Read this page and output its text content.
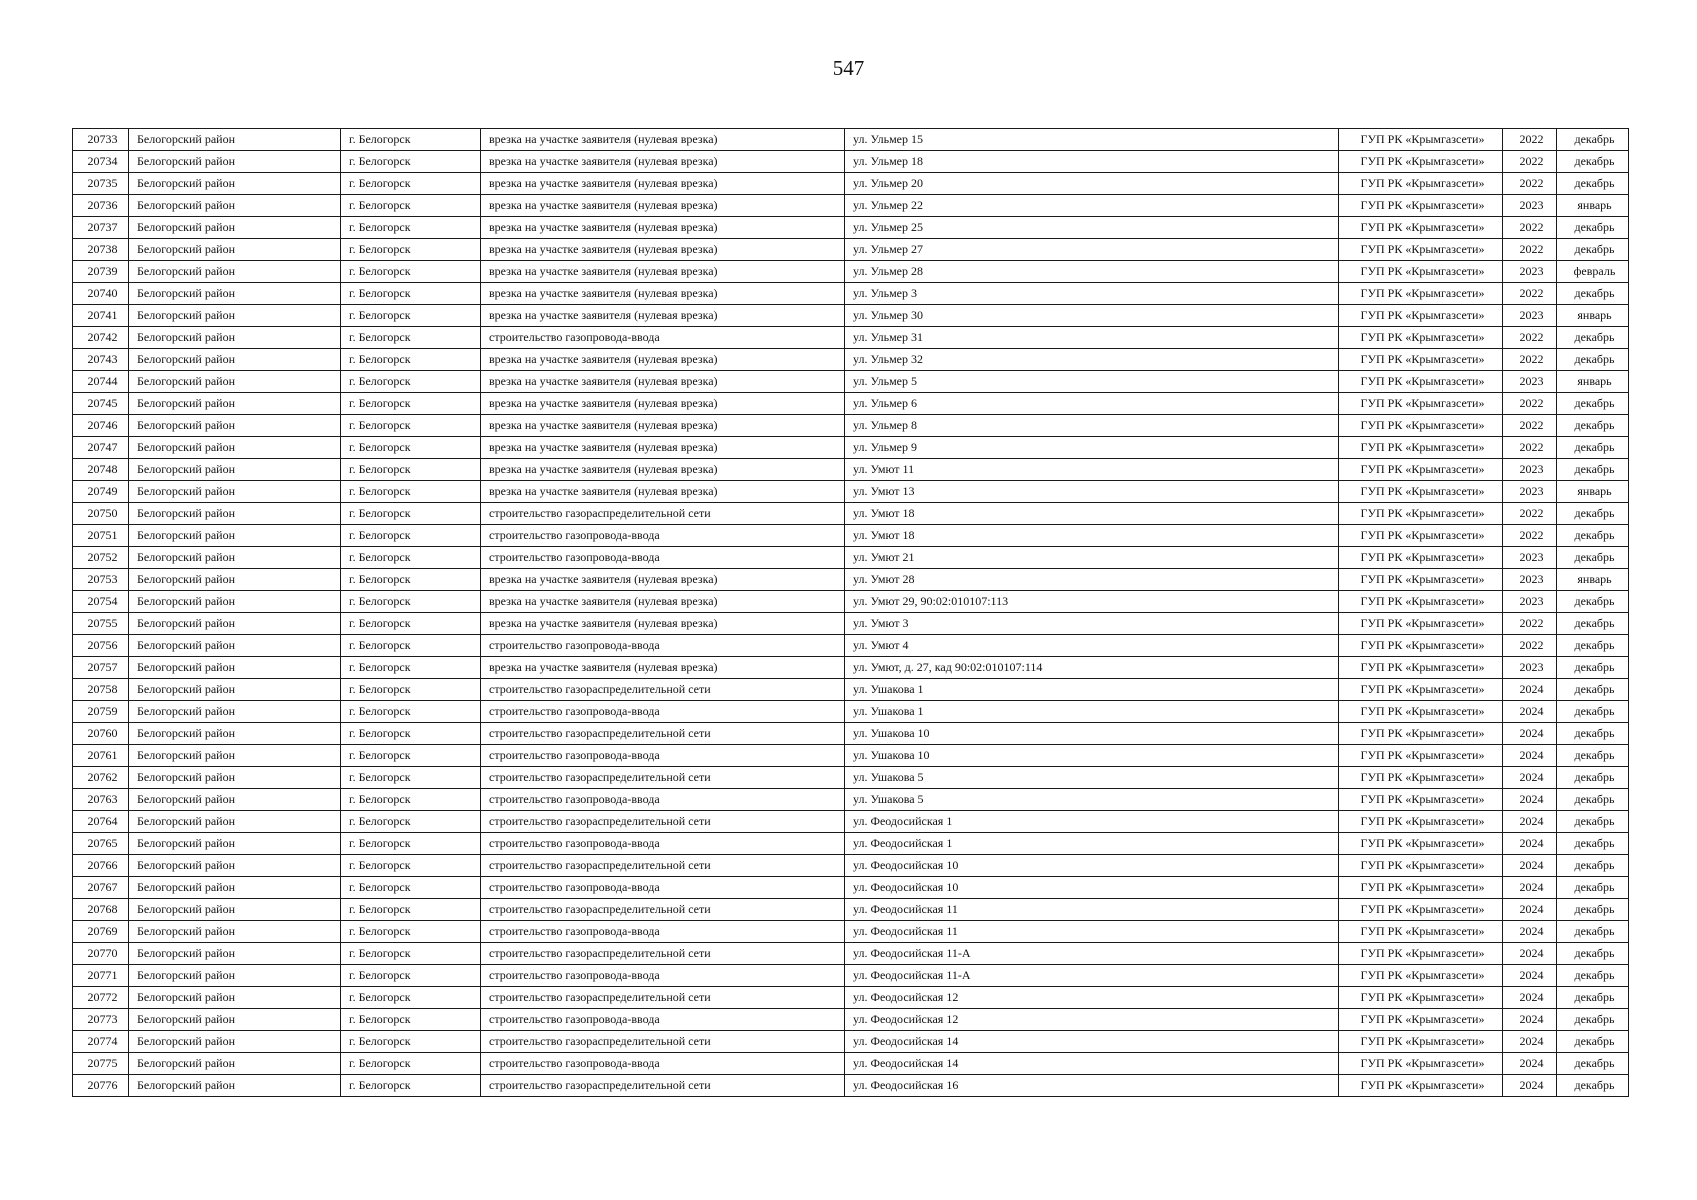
547
20733	Белогорский район	г. Белогорск	врезка на участке заявителя (нулевая врезка)	ул. Ульмер 15	ГУП РК «Крымгазсети»	2022	декабрь
20734	Белогорский район	г. Белогорск	врезка на участке заявителя (нулевая врезка)	ул. Ульмер 18	ГУП РК «Крымгазсети»	2022	декабрь
20735	Белогорский район	г. Белогорск	врезка на участке заявителя (нулевая врезка)	ул. Ульмер 20	ГУП РК «Крымгазсети»	2022	декабрь
20736	Белогорский район	г. Белогорск	врезка на участке заявителя (нулевая врезка)	ул. Ульмер 22	ГУП РК «Крымгазсети»	2023	январь
20737	Белогорский район	г. Белогорск	врезка на участке заявителя (нулевая врезка)	ул. Ульмер 25	ГУП РК «Крымгазсети»	2022	декабрь
20738	Белогорский район	г. Белогорск	врезка на участке заявителя (нулевая врезка)	ул. Ульмер 27	ГУП РК «Крымгазсети»	2022	декабрь
20739	Белогорский район	г. Белогорск	врезка на участке заявителя (нулевая врезка)	ул. Ульмер 28	ГУП РК «Крымгазсети»	2023	февраль
20740	Белогорский район	г. Белогорск	врезка на участке заявителя (нулевая врезка)	ул. Ульмер 3	ГУП РК «Крымгазсети»	2022	декабрь
20741	Белогорский район	г. Белогорск	врезка на участке заявителя (нулевая врезка)	ул. Ульмер 30	ГУП РК «Крымгазсети»	2023	январь
20742	Белогорский район	г. Белогорск	строительство газопровода-ввода	ул. Ульмер 31	ГУП РК «Крымгазсети»	2022	декабрь
20743	Белогорский район	г. Белогорск	врезка на участке заявителя (нулевая врезка)	ул. Ульмер 32	ГУП РК «Крымгазсети»	2022	декабрь
20744	Белогорский район	г. Белогорск	врезка на участке заявителя (нулевая врезка)	ул. Ульмер 5	ГУП РК «Крымгазсети»	2023	январь
20745	Белогорский район	г. Белогорск	врезка на участке заявителя (нулевая врезка)	ул. Ульмер 6	ГУП РК «Крымгазсети»	2022	декабрь
20746	Белогорский район	г. Белогорск	врезка на участке заявителя (нулевая врезка)	ул. Ульмер 8	ГУП РК «Крымгазсети»	2022	декабрь
20747	Белогорский район	г. Белогорск	врезка на участке заявителя (нулевая врезка)	ул. Ульмер 9	ГУП РК «Крымгазсети»	2022	декабрь
20748	Белогорский район	г. Белогорск	врезка на участке заявителя (нулевая врезка)	ул. Умют 11	ГУП РК «Крымгазсети»	2023	декабрь
20749	Белогорский район	г. Белогорск	врезка на участке заявителя (нулевая врезка)	ул. Умют 13	ГУП РК «Крымгазсети»	2023	январь
20750	Белогорский район	г. Белогорск	строительство газораспределительной сети	ул. Умют 18	ГУП РК «Крымгазсети»	2022	декабрь
20751	Белогорский район	г. Белогорск	строительство газопровода-ввода	ул. Умют 18	ГУП РК «Крымгазсети»	2022	декабрь
20752	Белогорский район	г. Белогорск	строительство газопровода-ввода	ул. Умют 21	ГУП РК «Крымгазсети»	2023	декабрь
20753	Белогорский район	г. Белогорск	врезка на участке заявителя (нулевая врезка)	ул. Умют 28	ГУП РК «Крымгазсети»	2023	январь
20754	Белогорский район	г. Белогорск	врезка на участке заявителя (нулевая врезка)	ул. Умют 29, 90:02:010107:113	ГУП РК «Крымгазсети»	2023	декабрь
20755	Белогорский район	г. Белогорск	врезка на участке заявителя (нулевая врезка)	ул. Умют 3	ГУП РК «Крымгазсети»	2022	декабрь
20756	Белогорский район	г. Белогорск	строительство газопровода-ввода	ул. Умют 4	ГУП РК «Крымгазсети»	2022	декабрь
20757	Белогорский район	г. Белогорск	врезка на участке заявителя (нулевая врезка)	ул. Умют, д. 27, кад 90:02:010107:114	ГУП РК «Крымгазсети»	2023	декабрь
20758	Белогорский район	г. Белогорск	строительство газораспределительной сети	ул. Ушакова 1	ГУП РК «Крымгазсети»	2024	декабрь
20759	Белогорский район	г. Белогорск	строительство газопровода-ввода	ул. Ушакова 1	ГУП РК «Крымгазсети»	2024	декабрь
20760	Белогорский район	г. Белогорск	строительство газораспределительной сети	ул. Ушакова 10	ГУП РК «Крымгазсети»	2024	декабрь
20761	Белогорский район	г. Белогорск	строительство газопровода-ввода	ул. Ушакова 10	ГУП РК «Крымгазсети»	2024	декабрь
20762	Белогорский район	г. Белогорск	строительство газораспределительной сети	ул. Ушакова 5	ГУП РК «Крымгазсети»	2024	декабрь
20763	Белогорский район	г. Белогорск	строительство газопровода-ввода	ул. Ушакова 5	ГУП РК «Крымгазсети»	2024	декабрь
20764	Белогорский район	г. Белогорск	строительство газораспределительной сети	ул. Феодосийская 1	ГУП РК «Крымгазсети»	2024	декабрь
20765	Белогорский район	г. Белогорск	строительство газопровода-ввода	ул. Феодосийская 1	ГУП РК «Крымгазсети»	2024	декабрь
20766	Белогорский район	г. Белогорск	строительство газораспределительной сети	ул. Феодосийская 10	ГУП РК «Крымгазсети»	2024	декабрь
20767	Белогорский район	г. Белогорск	строительство газопровода-ввода	ул. Феодосийская 10	ГУП РК «Крымгазсети»	2024	декабрь
20768	Белогорский район	г. Белогорск	строительство газораспределительной сети	ул. Феодосийская 11	ГУП РК «Крымгазсети»	2024	декабрь
20769	Белогорский район	г. Белогорск	строительство газопровода-ввода	ул. Феодосийская 11	ГУП РК «Крымгазсети»	2024	декабрь
20770	Белогорский район	г. Белогорск	строительство газораспределительной сети	ул. Феодосийская 11-А	ГУП РК «Крымгазсети»	2024	декабрь
20771	Белогорский район	г. Белогорск	строительство газопровода-ввода	ул. Феодосийская 11-А	ГУП РК «Крымгазсети»	2024	декабрь
20772	Белогорский район	г. Белогорск	строительство газораспределительной сети	ул. Феодосийская 12	ГУП РК «Крымгазсети»	2024	декабрь
20773	Белогорский район	г. Белогорск	строительство газопровода-ввода	ул. Феодосийская 12	ГУП РК «Крымгазсети»	2024	декабрь
20774	Белогорский район	г. Белогорск	строительство газораспределительной сети	ул. Феодосийская 14	ГУП РК «Крымгазсети»	2024	декабрь
20775	Белогорский район	г. Белогорск	строительство газопровода-ввода	ул. Феодосийская 14	ГУП РК «Крымгазсети»	2024	декабрь
20776	Белогорский район	г. Белогорск	строительство газораспределительной сети	ул. Феодосийская 16	ГУП РК «Крымгазсети»	2024	декабрь
